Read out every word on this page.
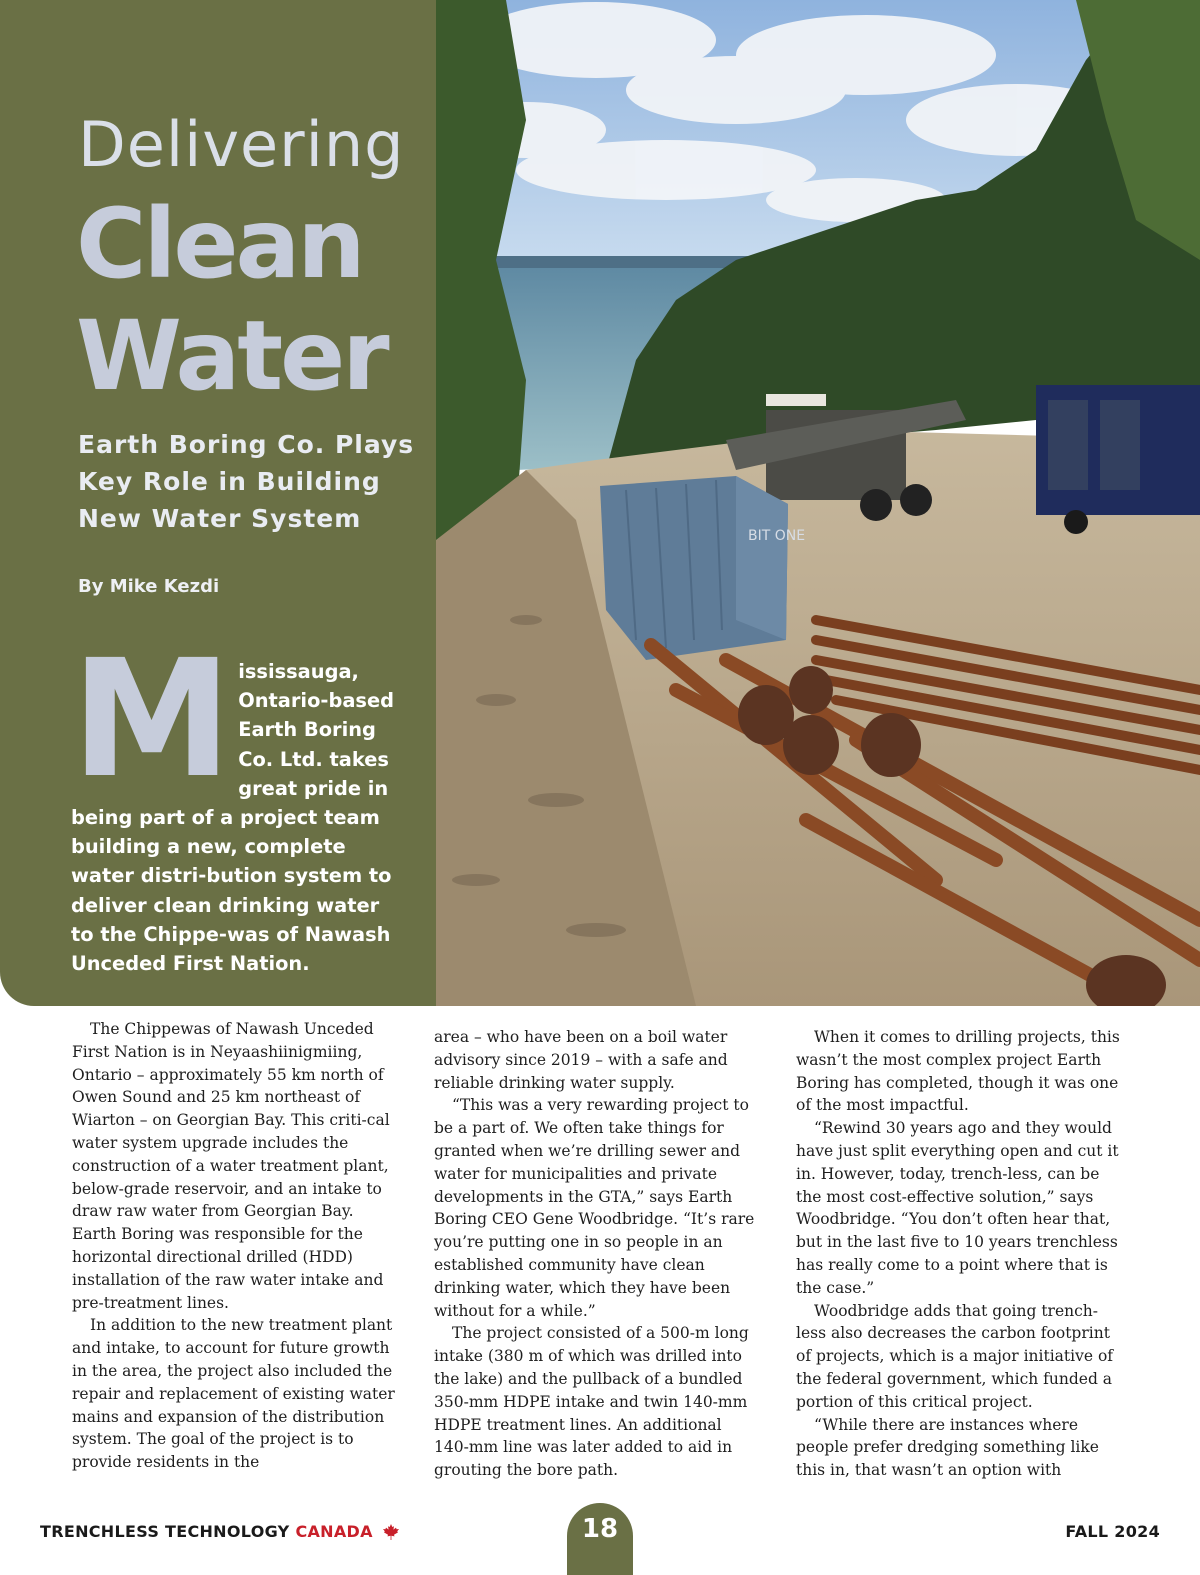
Delivering
Clean
Water

Earth Boring Co. Plays Key Role in Building New Water System

By Mike Kezdi

Mississauga, Ontario-based Earth Boring Co. Ltd. takes great pride in being part of a project team building a new, complete water distri-bution system to deliver clean drinking water to the Chippe-was of Nawash Unceded First Nation.

BIT ONE

The Chippewas of Nawash Unceded First Nation is in Neyaashiinigmiing, Ontario – approximately 55 km north of Owen Sound and 25 km northeast of Wiarton – on Georgian Bay. This criti-cal water system upgrade includes the construction of a water treatment plant, below-grade reservoir, and an intake to draw raw water from Georgian Bay. Earth Boring was responsible for the horizontal directional drilled (HDD) installation of the raw water intake and pre-treatment lines.

In addition to the new treatment plant and intake, to account for future growth in the area, the project also included the repair and replacement of existing water mains and expansion of the distribution system. The goal of the project is to provide residents in the

area – who have been on a boil water advisory since 2019 – with a safe and reliable drinking water supply.

“This was a very rewarding project to be a part of. We often take things for granted when we’re drilling sewer and water for municipalities and private developments in the GTA,” says Earth Boring CEO Gene Woodbridge. “It’s rare you’re putting one in so people in an established community have clean drinking water, which they have been without for a while.”

The project consisted of a 500-m long intake (380 m of which was drilled into the lake) and the pullback of a bundled 350-mm HDPE intake and twin 140-mm HDPE treatment lines. An additional 140-mm line was later added to aid in grouting the bore path.

When it comes to drilling projects, this wasn’t the most complex project Earth Boring has completed, though it was one of the most impactful.

“Rewind 30 years ago and they would have just split everything open and cut it in. However, today, trench-less, can be the most cost-effective solution,” says Woodbridge. “You don’t often hear that, but in the last five to 10 years trenchless has really come to a point where that is the case.”

Woodbridge adds that going trench-less also decreases the carbon footprint of projects, which is a major initiative of the federal government, which funded a portion of this critical project.

“While there are instances where people prefer dredging something like this in, that wasn’t an option with

TRENCHLESS TECHNOLOGY CANADA	18	FALL 2024
